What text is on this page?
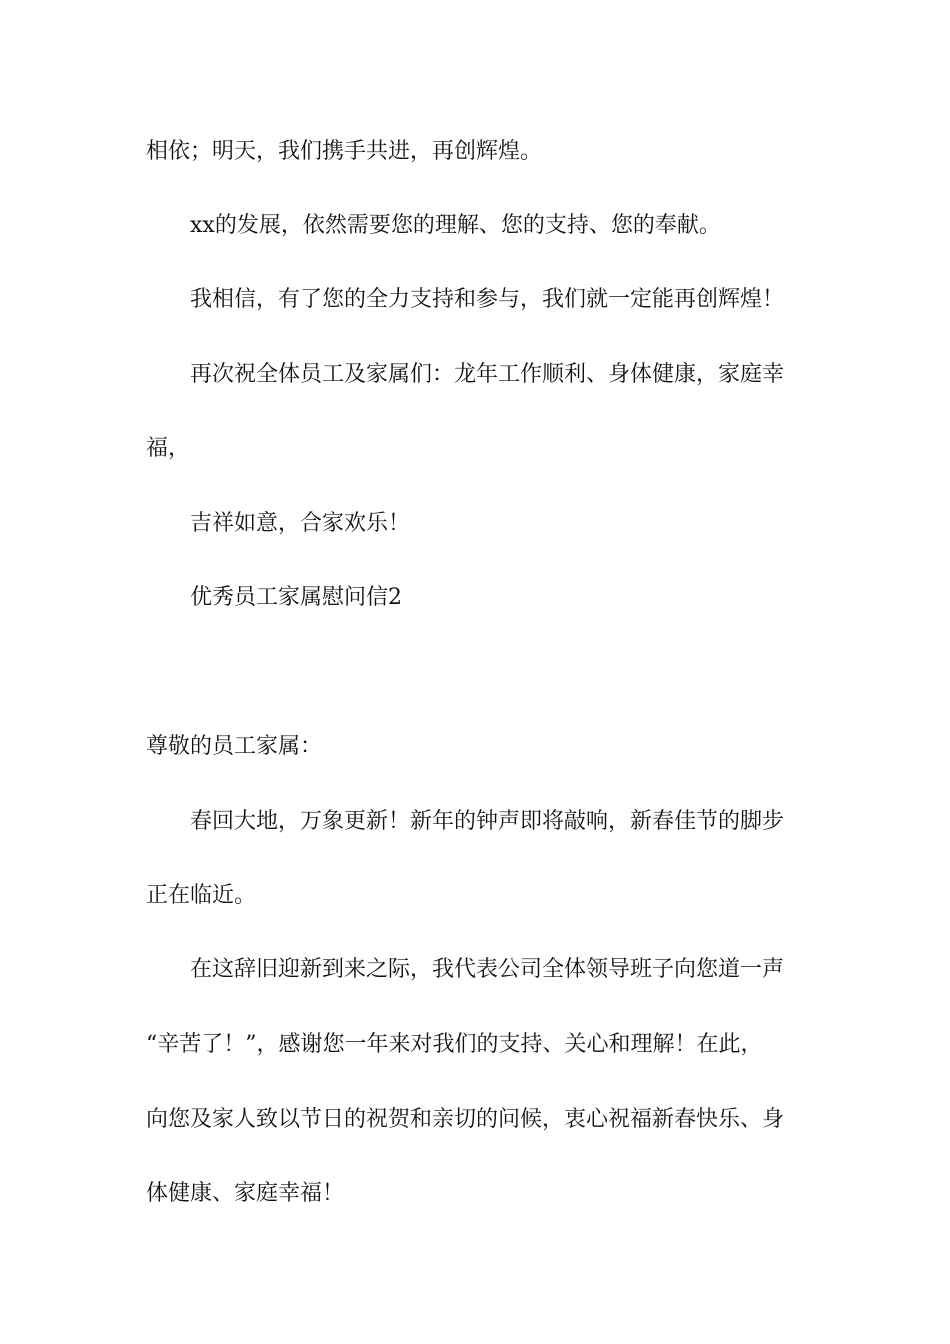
相依；明天，我们携手共进，再创辉煌。
xx的发展，依然需要您的理解、您的支持、您的奉献。
我相信，有了您的全力支持和参与，我们就一定能再创辉煌！
再次祝全体员工及家属们：龙年工作顺利、身体健康，家庭幸
福，
吉祥如意，合家欢乐！
优秀员工家属慰问信2
尊敬的员工家属：
春回大地，万象更新！新年的钟声即将敲响，新春佳节的脚步
正在临近。
在这辞旧迎新到来之际，我代表公司全体领导班子向您道一声
“辛苦了！”，感谢您一年来对我们的支持、关心和理解！在此，
向您及家人致以节日的祝贺和亲切的问候，衷心祝福新春快乐、身
体健康、家庭幸福！
